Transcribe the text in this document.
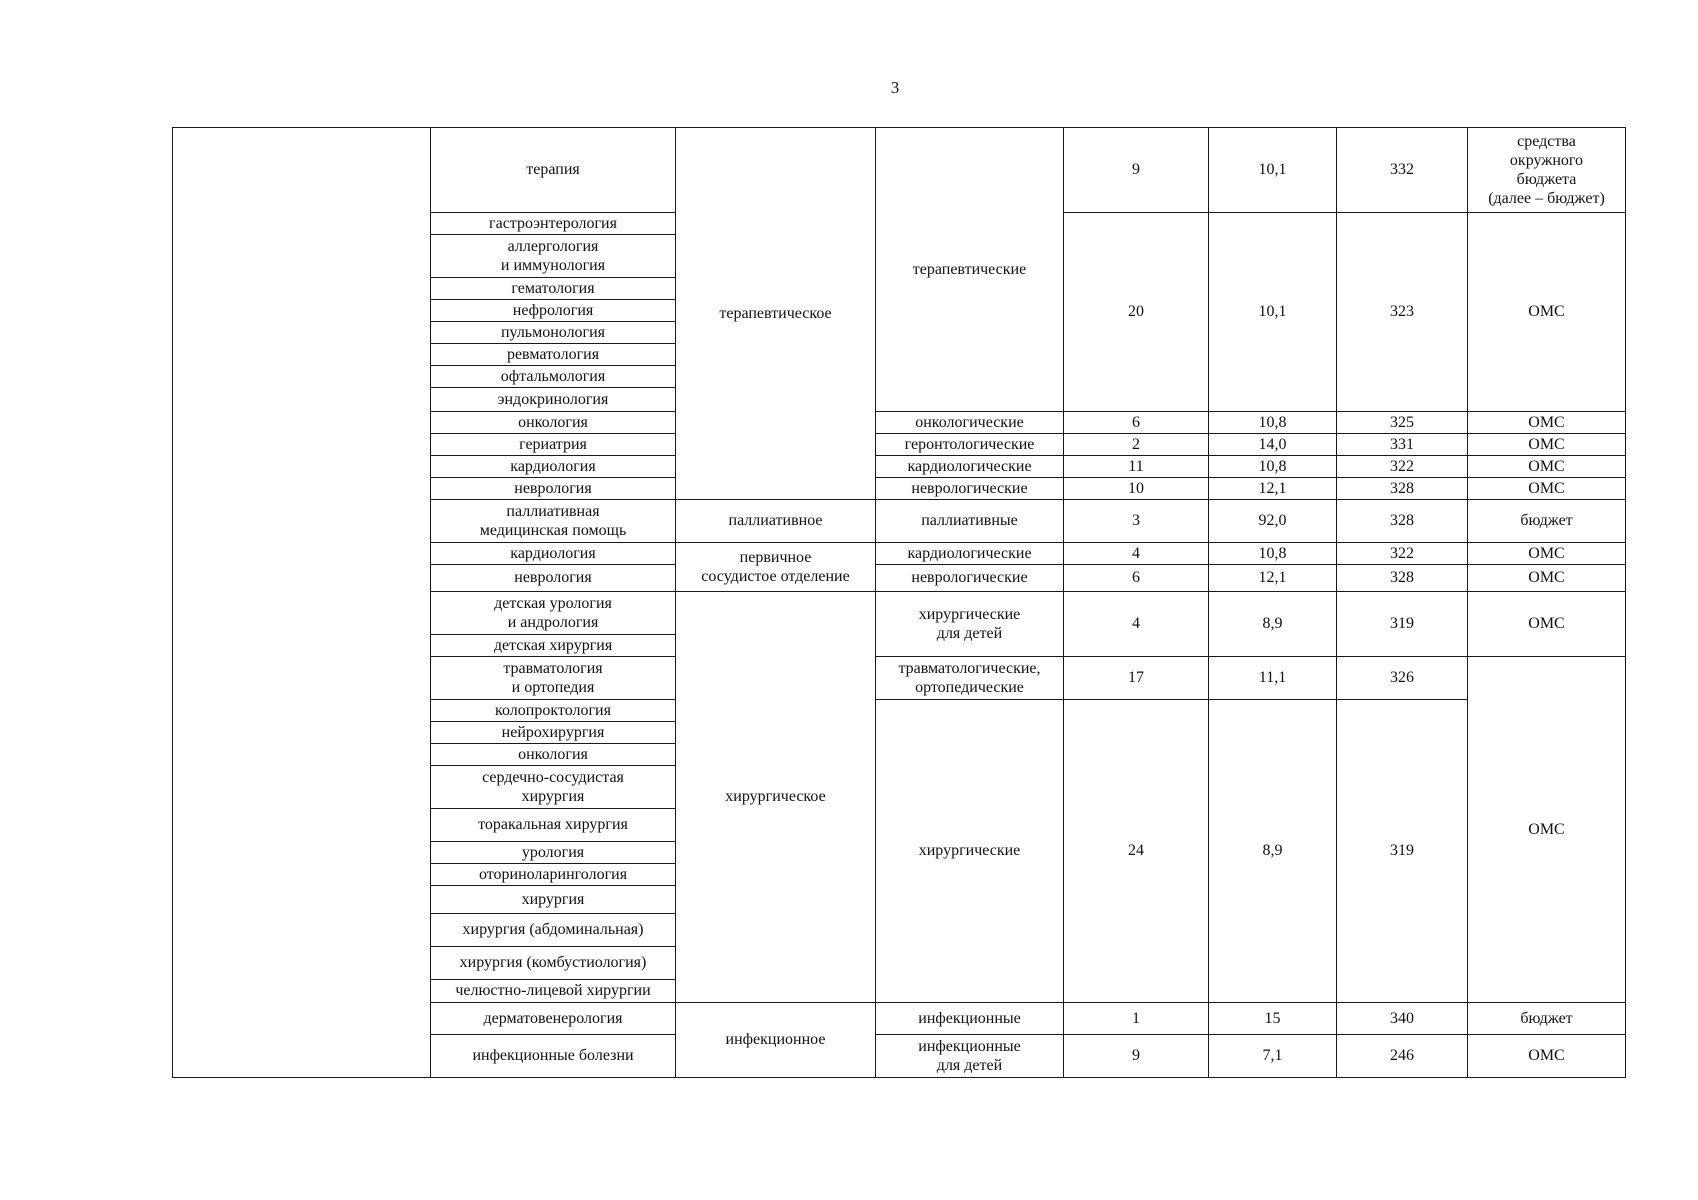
3
	терапия	терапевтическое	терапевтические	9	10,1	332	средства
окружного
бюджета
(далее – бюджет)
	гастроэнтерология			20	10,1	323	ОМС
	аллергология
и иммунология						
	гематология						
	нефрология						
	пульмонология						
	ревматология						
	офтальмология						
	эндокринология						
	онкология		онкологические	6	10,8	325	ОМС
	гериатрия		геронтологические	2	14,0	331	ОМС
	кардиология		кардиологические	11	10,8	322	ОМС
	неврология		неврологические	10	12,1	328	ОМС
	паллиативная
медицинская помощь	паллиативное	паллиативные	3	92,0	328	бюджет
	кардиология	первичное
сосудистое отделение	кардиологические	4	10,8	322	ОМС
	неврология		неврологические	6	12,1	328	ОМС
	детская урология
и андрология	хирургическое	хирургические
для детей	4	8,9	319	ОМС
	детская хирургия						
	травматология
и ортопедия		травматологические,
ортопедические	17	11,1	326	ОМС
	колопроктология		хирургические	24	8,9	319	
	нейрохирургия						
	онкология						
	сердечно-сосудистая
хирургия						
	торакальная хирургия						
	урология						
	оториноларингология						
	хирургия						
	хирургия (абдоминальная)						
	хирургия (комбустиология)						
	челюстно-лицевой хирургии						
	дерматовенерология	инфекционное	инфекционные	1	15	340	бюджет
	инфекционные болезни		инфекционные
для детей	9	7,1	246	ОМС
